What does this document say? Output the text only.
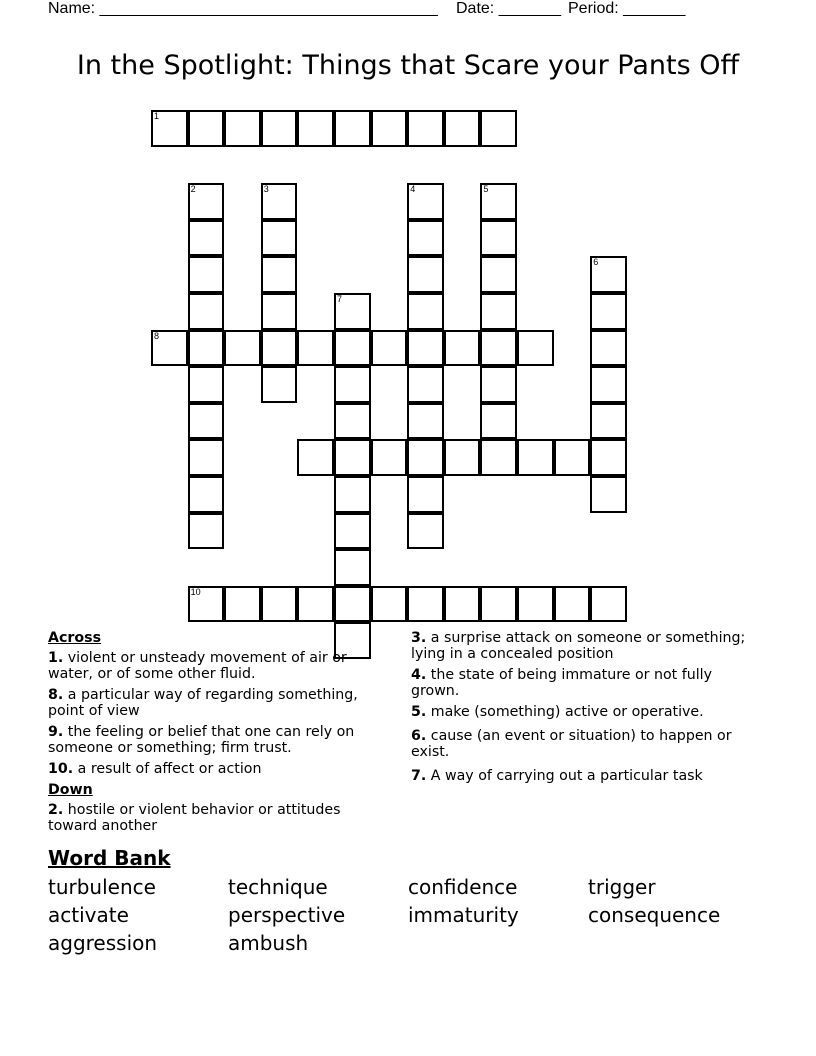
Name: ______________________________________ Date: _______ Period: _______
In the Spotlight: Things that Scare your Pants Off
1
2	3	4	5
6
7
8
10
Across
1. violent or unsteady movement of air or water, or of some other fluid.
8. a particular way of regarding something, point of view
9. the feeling or belief that one can rely on someone or something; firm trust.
10. a result of affect or action
Down
2. hostile or violent behavior or attitudes toward another
3. a surprise attack on someone or something; lying in a concealed position
4. the state of being immature or not fully grown.
5. make (something) active or operative.
6. cause (an event or situation) to happen or exist.
7. A way of carrying out a particular task
Word Bank
turbulence	technique	confidence	trigger
activate	perspective	immaturity	consequence
aggression	ambush
